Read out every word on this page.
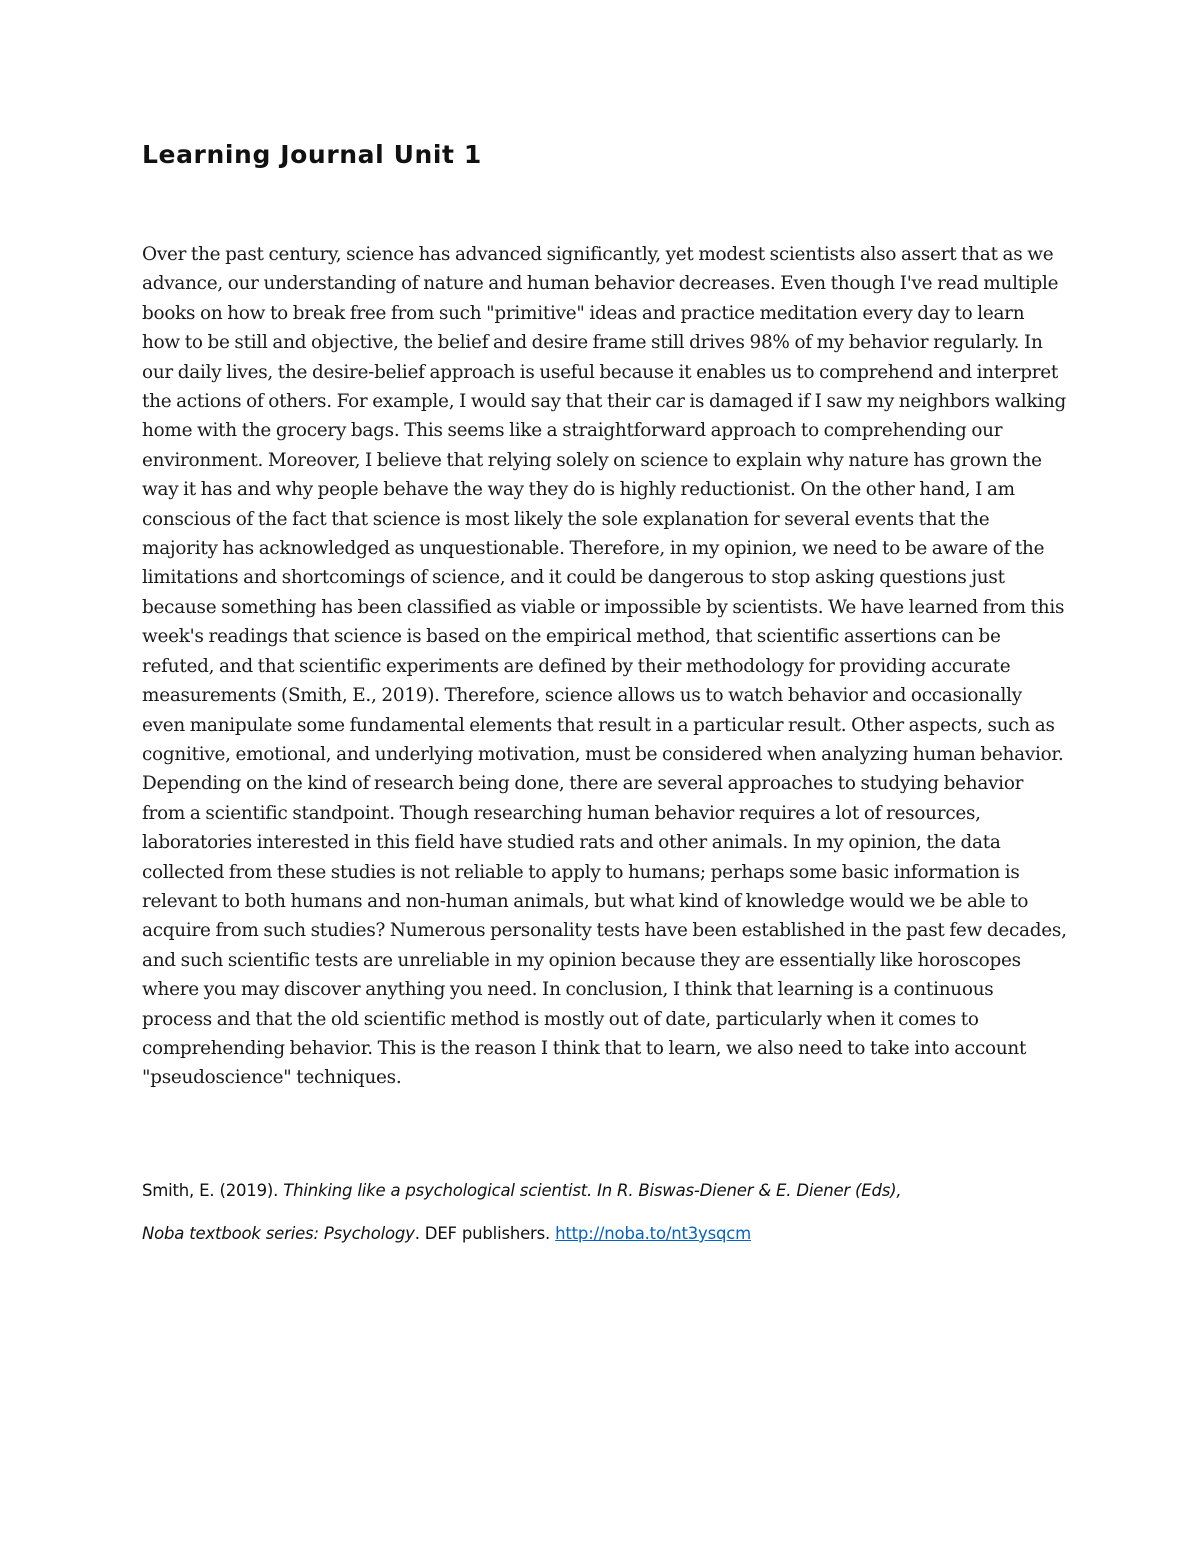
Learning Journal Unit 1

Over the past century, science has advanced significantly, yet modest scientists also assert that as we advance, our understanding of nature and human behavior decreases. Even though I've read multiple books on how to break free from such "primitive" ideas and practice meditation every day to learn how to be still and objective, the belief and desire frame still drives 98% of my behavior regularly. In our daily lives, the desire-belief approach is useful because it enables us to comprehend and interpret the actions of others. For example, I would say that their car is damaged if I saw my neighbors walking home with the grocery bags. This seems like a straightforward approach to comprehending our environment. Moreover, I believe that relying solely on science to explain why nature has grown the way it has and why people behave the way they do is highly reductionist. On the other hand, I am conscious of the fact that science is most likely the sole explanation for several events that the majority has acknowledged as unquestionable. Therefore, in my opinion, we need to be aware of the limitations and shortcomings of science, and it could be dangerous to stop asking questions just because something has been classified as viable or impossible by scientists. We have learned from this week's readings that science is based on the empirical method, that scientific assertions can be refuted, and that scientific experiments are defined by their methodology for providing accurate measurements (Smith, E., 2019). Therefore, science allows us to watch behavior and occasionally even manipulate some fundamental elements that result in a particular result. Other aspects, such as cognitive, emotional, and underlying motivation, must be considered when analyzing human behavior. Depending on the kind of research being done, there are several approaches to studying behavior from a scientific standpoint. Though researching human behavior requires a lot of resources, laboratories interested in this field have studied rats and other animals. In my opinion, the data collected from these studies is not reliable to apply to humans; perhaps some basic information is relevant to both humans and non-human animals, but what kind of knowledge would we be able to acquire from such studies? Numerous personality tests have been established in the past few decades, and such scientific tests are unreliable in my opinion because they are essentially like horoscopes where you may discover anything you need. In conclusion, I think that learning is a continuous process and that the old scientific method is mostly out of date, particularly when it comes to comprehending behavior. This is the reason I think that to learn, we also need to take into account "pseudoscience" techniques.

Smith, E. (2019). Thinking like a psychological scientist. In R. Biswas-Diener & E. Diener (Eds),

Noba textbook series: Psychology. DEF publishers. http://noba.to/nt3ysqcm
